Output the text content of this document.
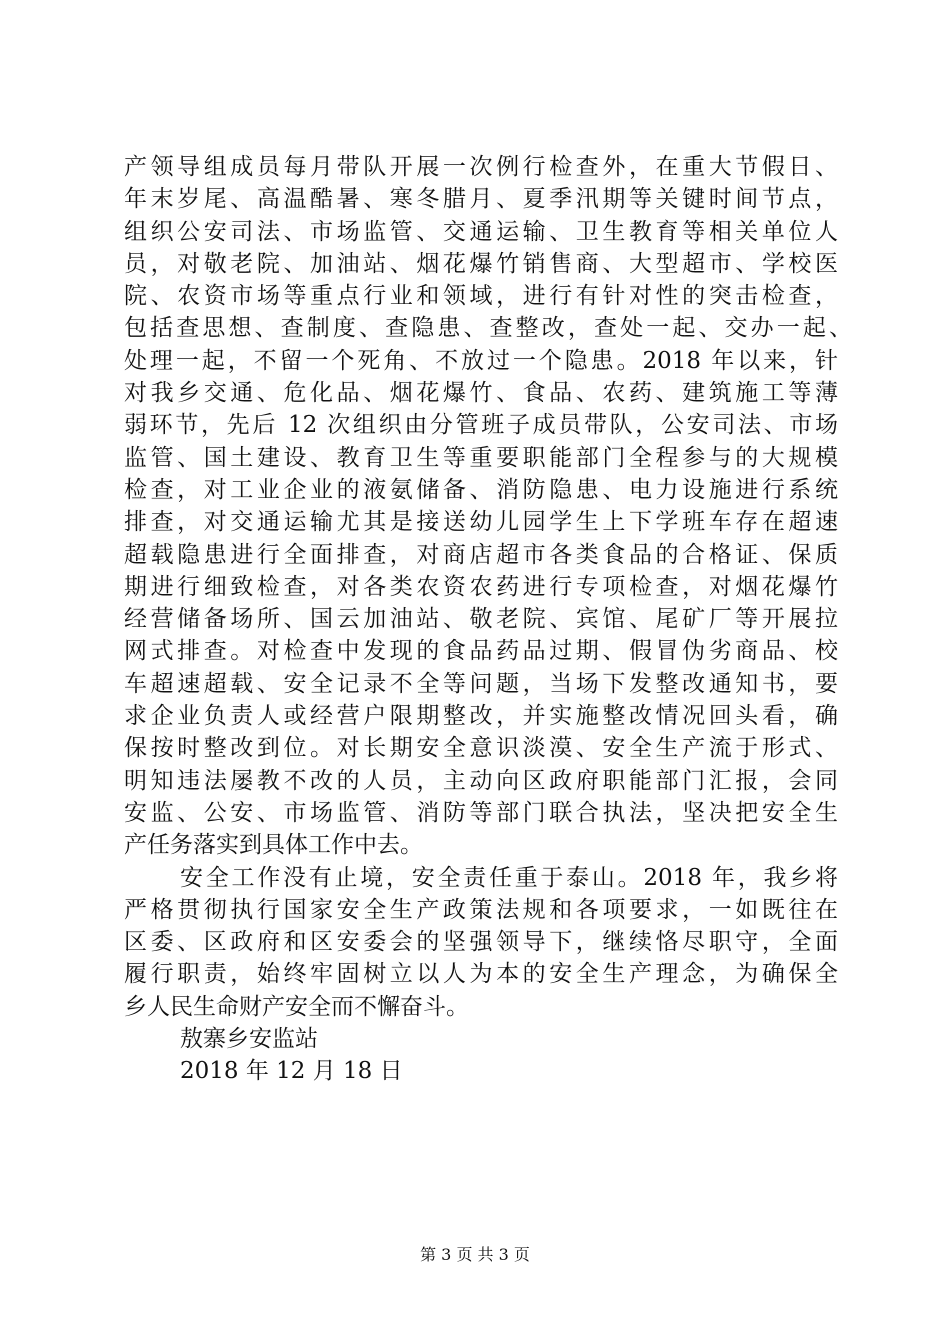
产领导组成员每月带队开展一次例行检查外，在重大节假日、
年末岁尾、高温酷暑、寒冬腊月、夏季汛期等关键时间节点，
组织公安司法、市场监管、交通运输、卫生教育等相关单位人
员，对敬老院、加油站、烟花爆竹销售商、大型超市、学校医
院、农资市场等重点行业和领域，进行有针对性的突击检查，
包括查思想、查制度、查隐患、查整改，查处一起、交办一起、
处理一起，不留一个死角、不放过一个隐患。2018 年以来，针
对我乡交通、危化品、烟花爆竹、食品、农药、建筑施工等薄
弱环节，先后 12 次组织由分管班子成员带队，公安司法、市场
监管、国土建设、教育卫生等重要职能部门全程参与的大规模
检查，对工业企业的液氨储备、消防隐患、电力设施进行系统
排查，对交通运输尤其是接送幼儿园学生上下学班车存在超速
超载隐患进行全面排查，对商店超市各类食品的合格证、保质
期进行细致检查，对各类农资农药进行专项检查，对烟花爆竹
经营储备场所、国云加油站、敬老院、宾馆、尾矿厂等开展拉
网式排查。对检查中发现的食品药品过期、假冒伪劣商品、校
车超速超载、安全记录不全等问题，当场下发整改通知书，要
求企业负责人或经营户限期整改，并实施整改情况回头看，确
保按时整改到位。对长期安全意识淡漠、安全生产流于形式、
明知违法屡教不改的人员，主动向区政府职能部门汇报，会同
安监、公安、市场监管、消防等部门联合执法，坚决把安全生
产任务落实到具体工作中去。
安全工作没有止境，安全责任重于泰山。2018 年，我乡将
严格贯彻执行国家安全生产政策法规和各项要求，一如既往在
区委、区政府和区安委会的坚强领导下，继续恪尽职守，全面
履行职责，始终牢固树立以人为本的安全生产理念，为确保全
乡人民生命财产安全而不懈奋斗。
敖寨乡安监站
2018 年 12 月 18 日
第 3 页 共 3 页
